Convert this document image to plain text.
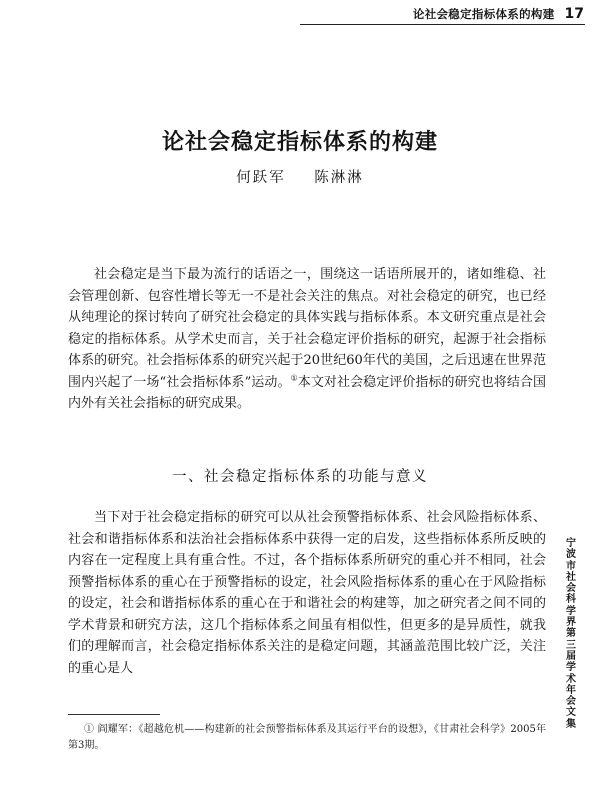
论社会稳定指标体系的构建 17
论社会稳定指标体系的构建
何跃军 陈淋淋

社会稳定是当下最为流行的话语之一，围绕这一话语所展开的，诸如维稳、社会管理创新、包容性增长等无一不是社会关注的焦点。对社会稳定的研究，也已经从纯理论的探讨转向了研究社会稳定的具体实践与指标体系。本文研究重点是社会稳定的指标体系。从学术史而言，关于社会稳定评价指标的研究，起源于社会指标体系的研究。社会指标体系的研究兴起于20世纪60年代的美国，之后迅速在世界范围内兴起了一场“社会指标体系”运动。①本文对社会稳定评价指标的研究也将结合国内外有关社会指标的研究成果。

一、社会稳定指标体系的功能与意义

当下对于社会稳定指标的研究可以从社会预警指标体系、社会风险指标体系、社会和谐指标体系和法治社会指标体系中获得一定的启发，这些指标体系所反映的内容在一定程度上具有重合性。不过，各个指标体系所研究的重心并不相同，社会预警指标体系的重心在于预警指标的设定，社会风险指标体系的重心在于风险指标的设定，社会和谐指标体系的重心在于和谐社会的构建等，加之研究者之间不同的学术背景和研究方法，这几个指标体系之间虽有相似性，但更多的是异质性，就我们的理解而言，社会稳定指标体系关注的是稳定问题，其涵盖范围比较广泛，关注的重心是人

① 阎耀军：《超越危机——构建新的社会预警指标体系及其运行平台的设想》，《甘肃社会科学》2005年第3期。

宁波市社会科学界第三届学术年会文集
